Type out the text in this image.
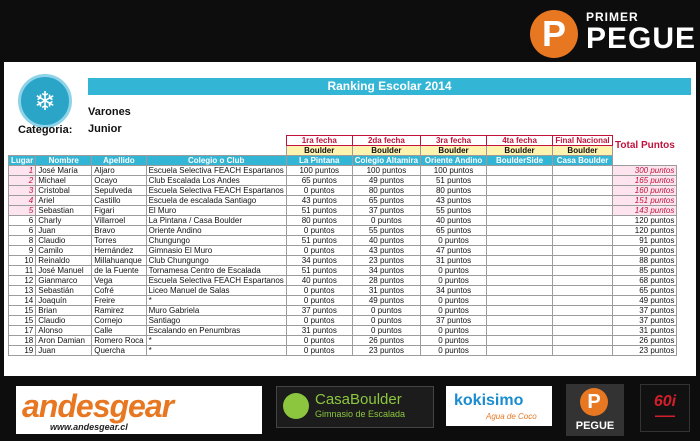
P	PRIMER
PEGUE
❄	Ranking Escolar 2014
Varones
Categoria: Junior
				1ra fecha	2da fecha	3ra fecha	4ta fecha	Final Nacional	Total Puntos
				Boulder	Boulder	Boulder	Boulder	Boulder	
Lugar	Nombre	Apellido	Colegio o Club	La Pintana	Colegio Altamira	Oriente Andino	BoulderSide	Casa Boulder	
1	José María	Aljaro	Escuela Selectiva FEACH Espartanos	100 puntos	100 puntos	100 puntos			300 puntos
2	Michael	Ocayo	Club Escalada Los Andes	65 puntos	49 puntos	51 puntos			165 puntos
3	Cristobal	Sepulveda	Escuela Selectiva FEACH Espartanos	0 puntos	80 puntos	80 puntos			160 puntos
4	Ariel	Castillo	Escuela de escalada Santiago	43 puntos	65 puntos	43 puntos			151 puntos
5	Sebastian	Figari	El Muro	51 puntos	37 puntos	55 puntos			143 puntos
6	Charly	Villarroel	La Pintana / Casa Boulder	80 puntos	0 puntos	40 puntos			120 puntos
6	Juan	Bravo	Oriente Andino	0 puntos	55 puntos	65 puntos			120 puntos
8	Claudio	Torres	Chungungo	51 puntos	40 puntos	0 puntos			91 puntos
9	Camilo	Hernández	Gimnasio El Muro	0 puntos	43 puntos	47 puntos			90 puntos
10	Reinaldo	Millahuanque	Club Chungungo	34 puntos	23 puntos	31 puntos			88 puntos
11	José Manuel	de la Fuente	Tornamesa Centro de Escalada	51 puntos	34 puntos	0 puntos			85 puntos
12	Gianmarco	Vega	Escuela Selectiva FEACH Espartanos	40 puntos	28 puntos	0 puntos			68 puntos
13	Sebastián	Cofré	Liceo Manuel de Salas	0 puntos	31 puntos	34 puntos			65 puntos
14	Joaquín	Freire	*	0 puntos	49 puntos	0 puntos			49 puntos
15	Brian	Ramirez	Muro Gabriela	37 puntos	0 puntos	0 puntos			37 puntos
15	Claudio	Cornejo	Santiago	0 puntos	0 puntos	37 puntos			37 puntos
17	Alonso	Calle	Escalando en Penumbras	31 puntos	0 puntos	0 puntos			31 puntos
18	Aron Damian	Romero Roca	*	0 puntos	26 puntos	0 puntos			26 puntos
19	Juan	Quercha	*	0 puntos	23 puntos	0 puntos			23 puntos
andesgear
www.andesgear.cl
CasaBoulder
Gimnasio de Escalada
kokisimo
Agua de Coco
P
PEGUE
60i
▬▬▬▬
